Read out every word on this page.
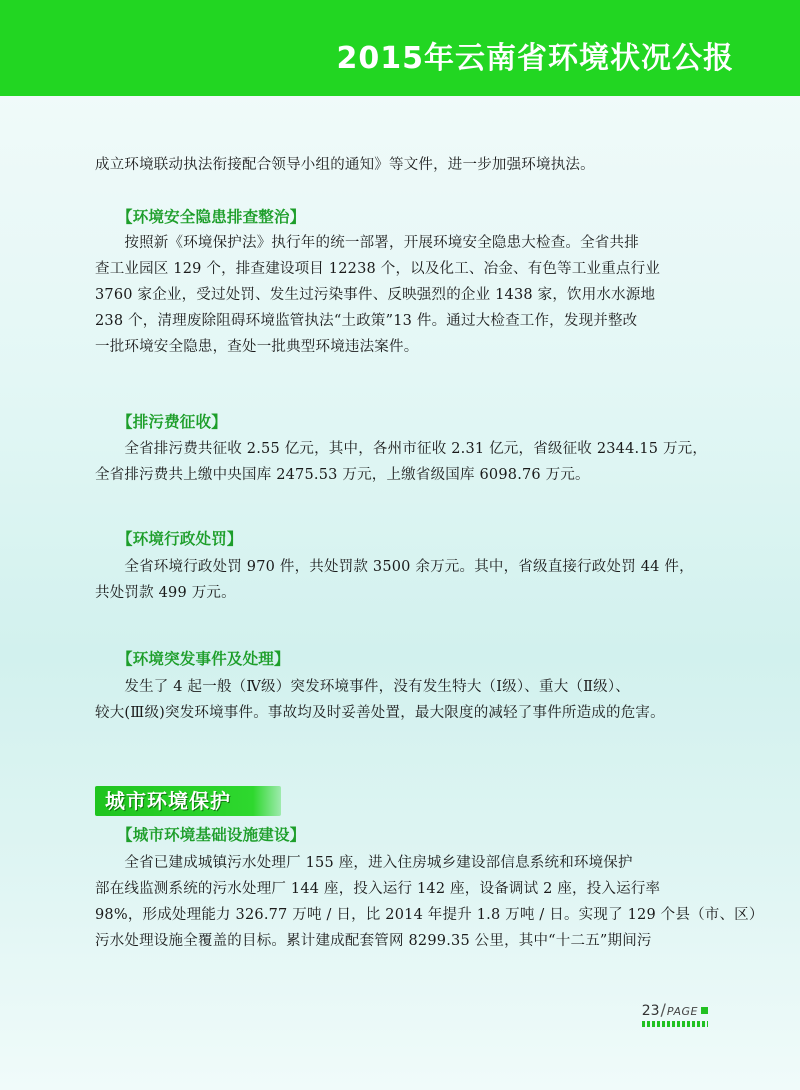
2015年云南省环境状况公报

成立环境联动执法衔接配合领导小组的通知》等文件，进一步加强环境执法。

【环境安全隐患排查整治】

　　按照新《环境保护法》执行年的统一部署，开展环境安全隐患大检查。全省共排

查工业园区 129 个，排查建设项目 12238 个，以及化工、冶金、有色等工业重点行业

3760 家企业，受过处罚、发生过污染事件、反映强烈的企业 1438 家，饮用水水源地

238 个，清理废除阻碍环境监管执法“土政策”13 件。通过大检查工作，发现并整改

一批环境安全隐患，查处一批典型环境违法案件。

【排污费征收】

　　全省排污费共征收 2.55 亿元，其中，各州市征收 2.31 亿元，省级征收 2344.15 万元，

全省排污费共上缴中央国库 2475.53 万元，上缴省级国库 6098.76 万元。

【环境行政处罚】

　　全省环境行政处罚 970 件，共处罚款 3500 余万元。其中，省级直接行政处罚 44 件，

共处罚款 499 万元。

【环境突发事件及处理】

　　发生了 4 起一般（Ⅳ级）突发环境事件，没有发生特大（Ⅰ级）、重大（Ⅱ级）、

较大(Ⅲ级)突发环境事件。事故均及时妥善处置，最大限度的减轻了事件所造成的危害。

【城市环境基础设施建设】

　　全省已建成城镇污水处理厂 155 座，进入住房城乡建设部信息系统和环境保护

部在线监测系统的污水处理厂 144 座，投入运行 142 座，设备调试 2 座，投入运行率

98%，形成处理能力 326.77 万吨 / 日，比 2014 年提升 1.8 万吨 / 日。实现了 129 个县（市、区）

污水处理设施全覆盖的目标。累计建成配套管网 8299.35 公里，其中“十二五”期间污

城市环境保护
23/PAGE
